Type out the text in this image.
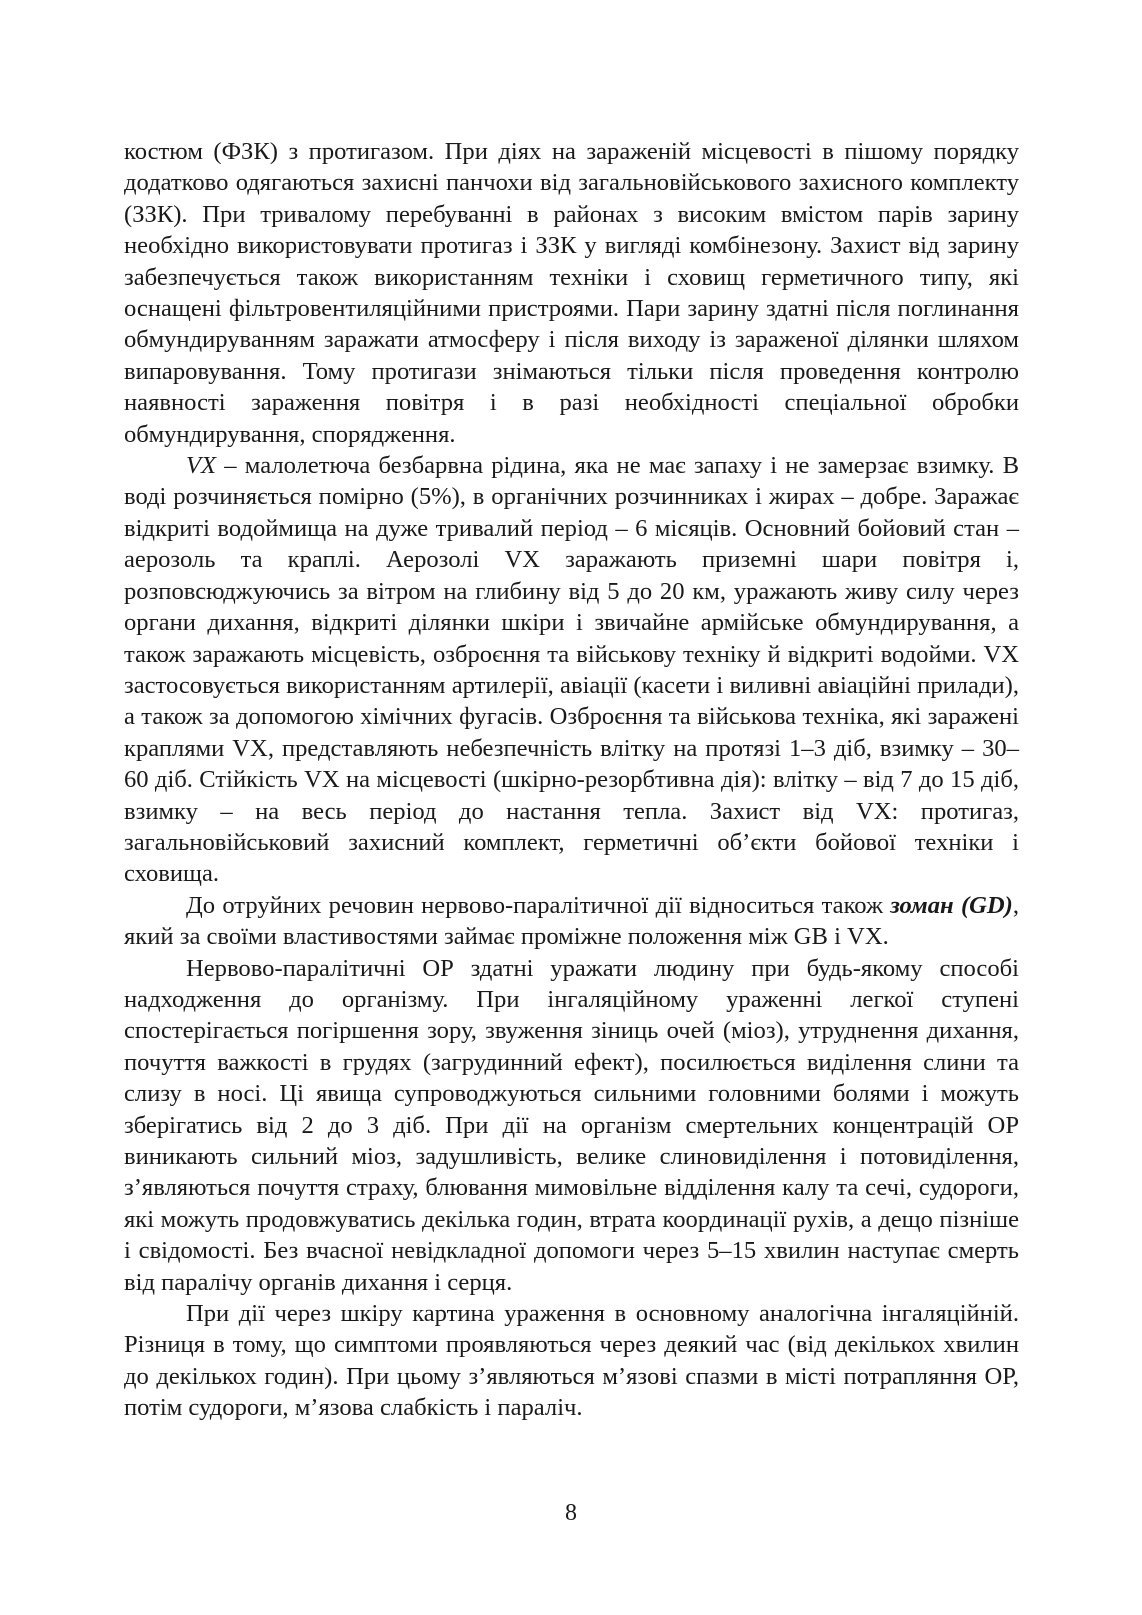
костюм (ФЗК) з протигазом. При діях на зараженій місцевості в пішому порядку додатково одягаються захисні панчохи від загальновійськового захисного комплекту (ЗЗК). При тривалому перебуванні в районах з високим вмістом парів зарину необхідно використовувати протигаз і ЗЗК у вигляді комбінезону. Захист від зарину забезпечується також використанням техніки і сховищ герметичного типу, які оснащені фільтровентиляційними пристроями. Пари зарину здатні після поглинання обмундируванням заражати атмосферу і після виходу із зараженої ділянки шляхом випаровування. Тому протигази знімаються тільки після проведення контролю наявності зараження повітря і в разі необхідності спеціальної обробки обмундирування, спорядження.

VX – малолетюча безбарвна рідина, яка не має запаху і не замерзає взимку. В воді розчиняється помірно (5%), в органічних розчинниках і жирах – добре. Заражає відкриті водоймища на дуже тривалий період – 6 місяців. Основний бойовий стан – аерозоль та краплі. Аерозолі VX заражають приземні шари повітря і, розповсюджуючись за вітром на глибину від 5 до 20 км, уражають живу силу через органи дихання, відкриті ділянки шкіри і звичайне армійське обмундирування, а також заражають місцевість, озброєння та військову техніку й відкриті водойми. VX застосовується використанням артилерії, авіації (касети і виливні авіаційні прилади), а також за допомогою хімічних фугасів. Озброєння та військова техніка, які заражені краплями VX, представляють небезпечність влітку на протязі 1–3 діб, взимку – 30–60 діб. Стійкість VX на місцевості (шкірно-резорбтивна дія): влітку – від 7 до 15 діб, взимку – на весь період до настання тепла. Захист від VX: протигаз, загальновійськовий захисний комплект, герметичні об’єкти бойової техніки і сховища.

До отруйних речовин нервово-паралітичної дії відноситься також зоман (GD), який за своїми властивостями займає проміжне положення між GB і VX.

Нервово-паралітичні ОР здатні уражати людину при будь-якому способі надходження до організму. При інгаляційному ураженні легкої ступені спостерігається погіршення зору, звуження зіниць очей (міоз), утруднення дихання, почуття важкості в грудях (загрудинний ефект), посилюється виділення слини та слизу в носі. Ці явища супроводжуються сильними головними болями і можуть зберігатись від 2 до 3 діб. При дії на організм смертельних концентрацій ОР виникають сильний міоз, задушливість, велике слиновиділення і потовиділення, з’являються почуття страху, блювання мимовільне відділення калу та сечі, судороги, які можуть продовжуватись декілька годин, втрата координації рухів, а дещо пізніше і свідомості. Без вчасної невідкладної допомоги через 5–15 хвилин наступає смерть від паралічу органів дихання і серця.

При дії через шкіру картина ураження в основному аналогічна інгаляційній. Різниця в тому, що симптоми проявляються через деякий час (від декількох хвилин до декількох годин). При цьому з’являються м’язові спазми в місті потрапляння ОР, потім судороги, м’язова слабкість і параліч.

8
